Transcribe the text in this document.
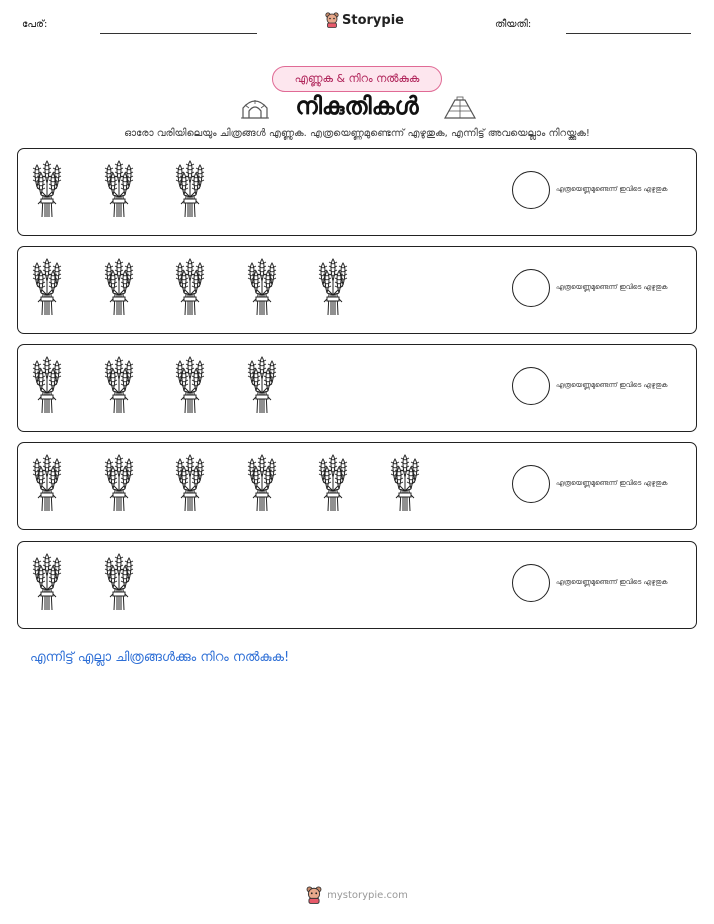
പേര്:	Storypie	തീയതി:
എണ്ണുക & നിറം നൽകുക
നികുതികൾ
ഓരോ വരിയിലെയും ചിത്രങ്ങൾ എണ്ണുക. എത്രയെണ്ണമുണ്ടെന്ന് എഴുതുക, എന്നിട്ട് അവയെല്ലാം നിറയ്ക്കുക!
എത്രയെണ്ണമുണ്ടെന്ന് ഇവിടെ എഴുതുക
എത്രയെണ്ണമുണ്ടെന്ന് ഇവിടെ എഴുതുക
എത്രയെണ്ണമുണ്ടെന്ന് ഇവിടെ എഴുതുക
എത്രയെണ്ണമുണ്ടെന്ന് ഇവിടെ എഴുതുക
എത്രയെണ്ണമുണ്ടെന്ന് ഇവിടെ എഴുതുക
എന്നിട്ട് എല്ലാ ചിത്രങ്ങൾക്കും നിറം നൽകുക!
mystorypie.com
